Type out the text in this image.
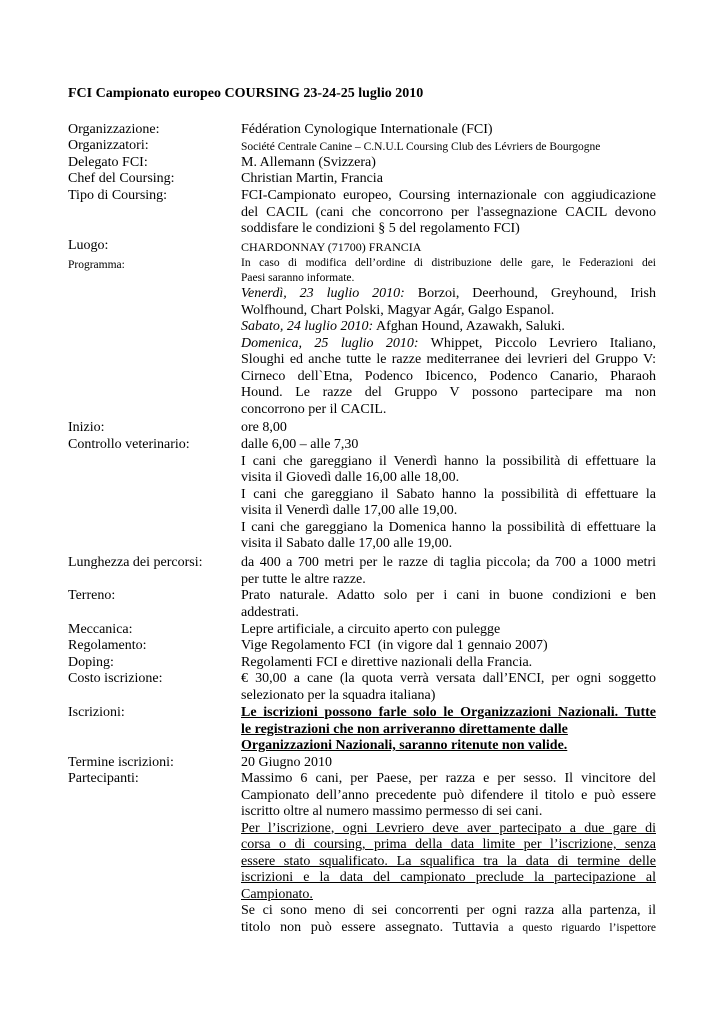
FCI Campionato europeo COURSING 23-24-25 luglio 2010
Organizzazione:	Fédération Cynologique Internationale (FCI)
Organizzatori:	Société Centrale Canine – C.N.U.L Coursing Club des Lévriers de Bourgogne
Delegato FCI:	M. Allemann (Svizzera)
Chef del Coursing:	Christian Martin, Francia
Tipo di Coursing:	FCI-Campionato europeo, Coursing internazionale con aggiudicazione
del CACIL (cani che concorrono per l'assegnazione CACIL devono
soddisfare le condizioni § 5 del regolamento FCI)
Luogo:	CHARDONNAY (71700) FRANCIA
Programma:	In caso di modifica dell’ordine di distribuzione delle gare, le Federazioni dei
Paesi saranno informate.
Venerdì, 23 luglio 2010: Borzoi, Deerhound, Greyhound, Irish
Wolfhound, Chart Polski, Magyar Agár, Galgo Espanol.
Sabato, 24 luglio 2010: Afghan Hound, Azawakh, Saluki.
Domenica, 25 luglio 2010: Whippet, Piccolo Levriero Italiano,
Sloughi ed anche tutte le razze mediterranee dei levrieri del Gruppo V:
Cirneco dell`Etna, Podenco Ibicenco, Podenco Canario, Pharaoh
Hound. Le razze del Gruppo V possono partecipare ma non
concorrono per il CACIL.
Inizio:	ore 8,00
Controllo veterinario:	dalle 6,00 – alle 7,30
I cani che gareggiano il Venerdì hanno la possibilità di effettuare la
visita il Giovedì dalle 16,00 alle 18,00.
I cani che gareggiano il Sabato hanno la possibilità di effettuare la
visita il Venerdì dalle 17,00 alle 19,00.
I cani che gareggiano la Domenica hanno la possibilità di effettuare la
visita il Sabato dalle 17,00 alle 19,00.
Lunghezza dei percorsi:	da 400 a 700 metri per le razze di taglia piccola; da 700 a 1000 metri
per tutte le altre razze.
Terreno:	Prato naturale. Adatto solo per i cani in buone condizioni e ben
addestrati.
Meccanica:	Lepre artificiale, a circuito aperto con pulegge
Regolamento:	Vige Regolamento FCI  (in vigore dal 1 gennaio 2007)
Doping:	Regolamenti FCI e direttive nazionali della Francia.
Costo iscrizione:	€ 30,00 a cane (la quota verrà versata dall’ENCI, per ogni soggetto
selezionato per la squadra italiana)
Iscrizioni:	Le iscrizioni possono farle solo le Organizzazioni Nazionali. Tutte
le registrazioni che non arriveranno direttamente dalle
Organizzazioni Nazionali, saranno ritenute non valide.
Termine iscrizioni:	20 Giugno 2010
Partecipanti:	Massimo 6 cani, per Paese, per razza e per sesso. Il vincitore del
Campionato dell’anno precedente può difendere il titolo e può essere
iscritto oltre al numero massimo permesso di sei cani.
Per l’iscrizione, ogni Levriero deve aver partecipato a due gare di
corsa o di coursing, prima della data limite per l’iscrizione, senza
essere stato squalificato. La squalifica tra la data di termine delle
iscrizioni e la data del campionato preclude la partecipazione al
Campionato.
Se ci sono meno di sei concorrenti per ogni razza alla partenza, il
titolo non può essere assegnato. Tuttavia a questo riguardo l’ispettore
